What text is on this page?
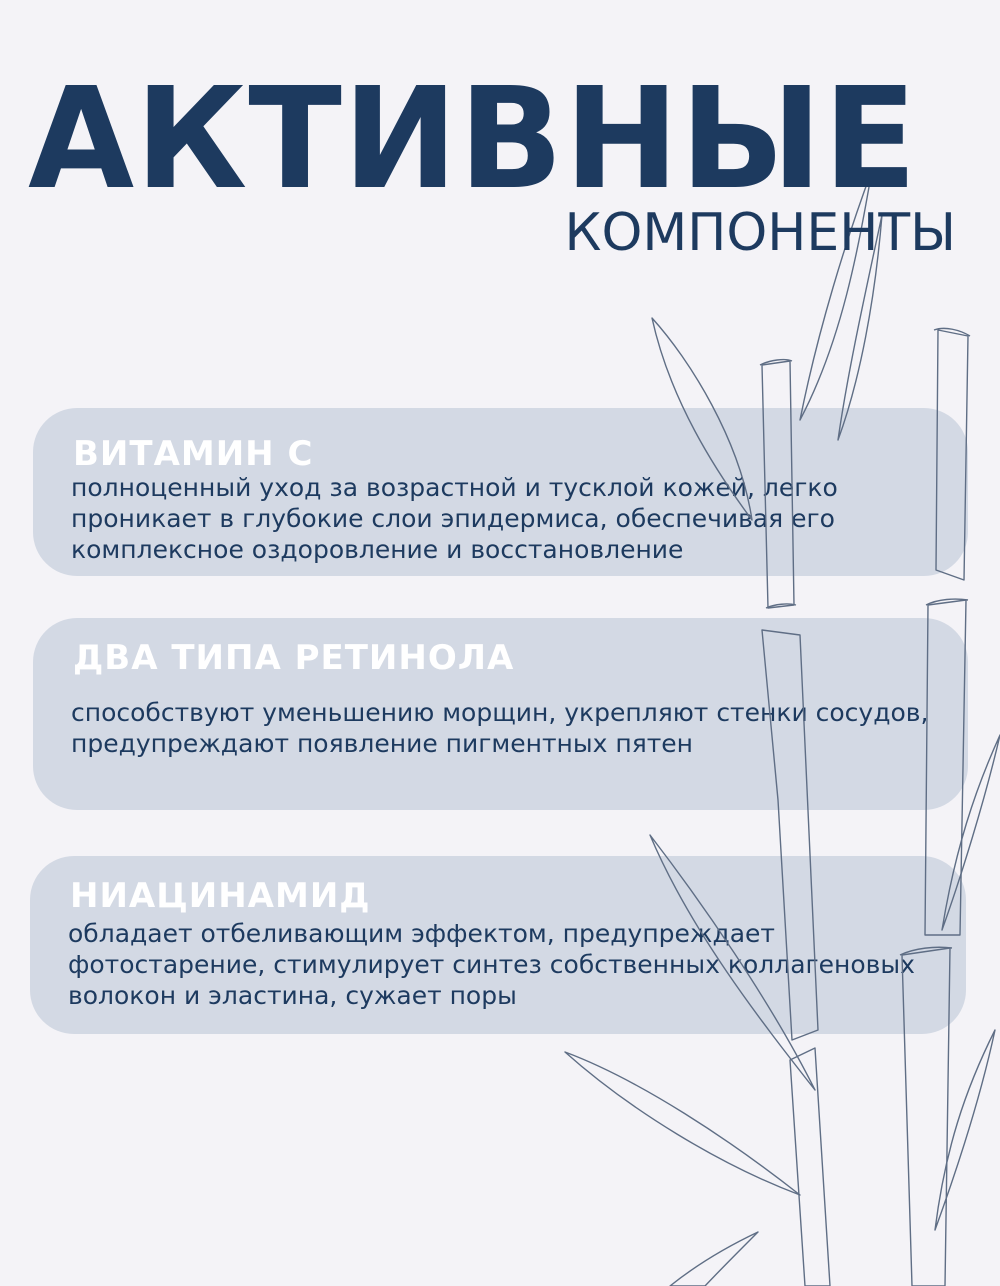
АКТИВНЫЕ
КОМПОНЕНТЫ
ВИТАМИН С

полноценный уход за возрастной и тусклой кожей, легко проникает в глубокие слои эпидермиса, обеспечивая его комплексное оздоровление и восстановление

ДВА ТИПА РЕТИНОЛА

способствуют уменьшению морщин, укрепляют стенки сосудов, предупреждают появление пигментных пятен

НИАЦИНАМИД

обладает отбеливающим эффектом, предупреждает фотостарение, стимулирует синтез собственных коллагеновых волокон и эластина, сужает поры
